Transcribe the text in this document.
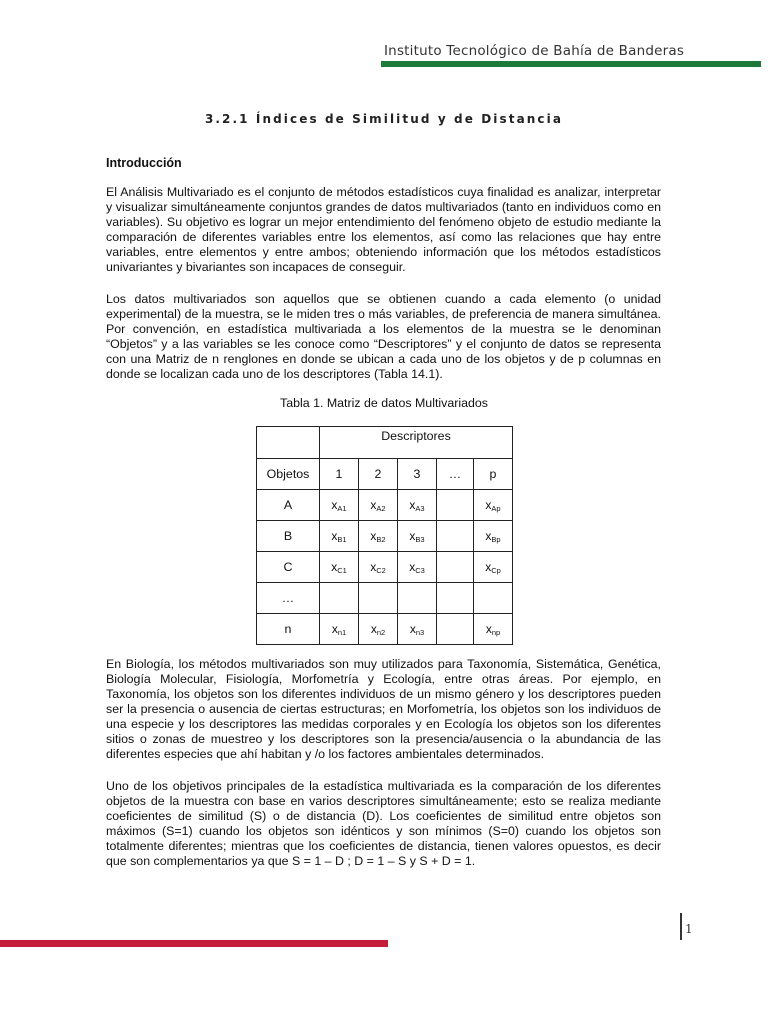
Instituto Tecnológico de Bahía de Banderas
3.2.1 Índices de Similitud y de Distancia
Introducción

El Análisis Multivariado es el conjunto de métodos estadísticos cuya finalidad es analizar, interpretar y visualizar simultáneamente conjuntos grandes de datos multivariados (tanto en individuos como en variables). Su objetivo es lograr un mejor entendimiento del fenómeno objeto de estudio mediante la comparación de diferentes variables entre los elementos, así como las relaciones que hay entre variables, entre elementos y entre ambos; obteniendo información que los métodos estadísticos univariantes y bivariantes son incapaces de conseguir.

Los datos multivariados son aquellos que se obtienen cuando a cada elemento (o unidad experimental) de la muestra, se le miden tres o más variables, de preferencia de manera simultánea. Por convención, en estadística multivariada a los elementos de la muestra se le denominan “Objetos” y a las variables se les conoce como “Descriptores” y el conjunto de datos se representa con una Matriz de n renglones en donde se ubican a cada uno de los objetos y de p columnas en donde se localizan cada uno de los descriptores (Tabla 14.1).

Tabla 1. Matriz de datos Multivariados
	Descriptores				
Objetos	1	2	3	…	p
A	$x_{A1}$	$x_{A2}$	$x_{A3}$		$x_{Ap}$
B	$x_{B1}$	$x_{B2}$	$x_{B3}$		$x_{Bp}$
C	$x_{C1}$	$x_{C2}$	$x_{C3}$		$x_{Cp}$
…					
n	$x_{n1}$	$x_{n2}$	$x_{n3}$		$x_{np}$

En Biología, los métodos multivariados son muy utilizados para Taxonomía, Sistemática, Genética, Biología Molecular, Fisiología, Morfometría y Ecología, entre otras áreas. Por ejemplo, en Taxonomía, los objetos son los diferentes individuos de un mismo género y los descriptores pueden ser la presencia o ausencia de ciertas estructuras; en Morfometría, los objetos son los individuos de una especie y los descriptores las medidas corporales y en Ecología los objetos son los diferentes sitios o zonas de muestreo y los descriptores son la presencia/ausencia o la abundancia de las diferentes especies que ahí habitan y /o los factores ambientales determinados.

Uno de los objetivos principales de la estadística multivariada es la comparación de los diferentes objetos de la muestra con base en varios descriptores simultáneamente; esto se realiza mediante coeficientes de similitud (S) o de distancia (D). Los coeficientes de similitud entre objetos son máximos (S=1) cuando los objetos son idénticos y son mínimos (S=0) cuando los objetos son totalmente diferentes; mientras que los coeficientes de distancia, tienen valores opuestos, es decir que son complementarios ya que S = 1 – D ; D = 1 – S y S + D = 1.

1
